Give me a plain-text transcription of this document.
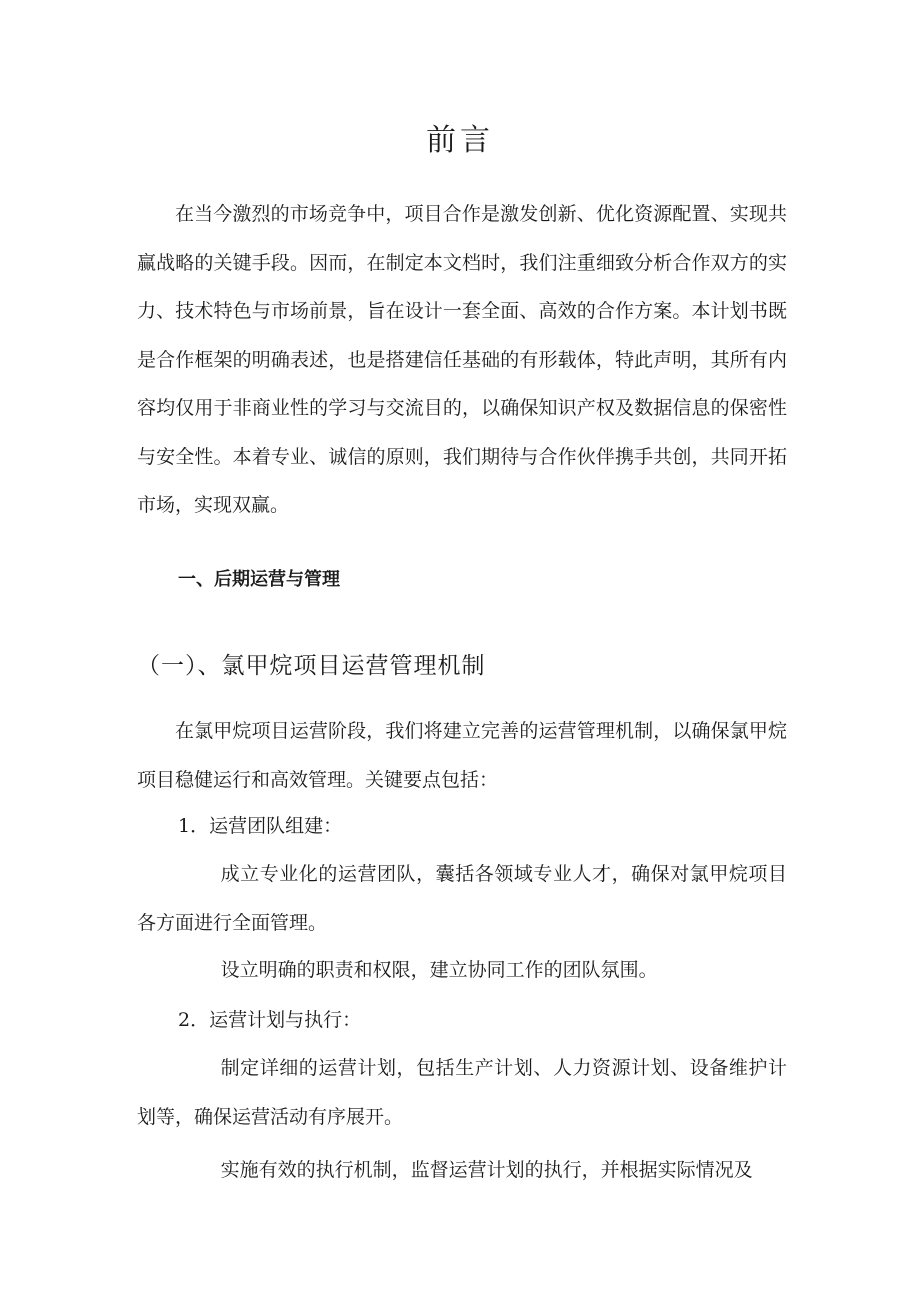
前言

在当今激烈的市场竞争中，项目合作是激发创新、优化资源配置、实现共赢战略的关键手段。因而，在制定本文档时，我们注重细致分析合作双方的实力、技术特色与市场前景，旨在设计一套全面、高效的合作方案。本计划书既是合作框架的明确表述，也是搭建信任基础的有形载体，特此声明，其所有内容均仅用于非商业性的学习与交流目的，以确保知识产权及数据信息的保密性与安全性。本着专业、诚信的原则，我们期待与合作伙伴携手共创，共同开拓市场，实现双赢。

一、后期运营与管理
（一）、氯甲烷项目运营管理机制

在氯甲烷项目运营阶段，我们将建立完善的运营管理机制，以确保氯甲烷项目稳健运行和高效管理。关键要点包括：

1．运营团队组建：

成立专业化的运营团队，囊括各领域专业人才，确保对氯甲烷项目各方面进行全面管理。

设立明确的职责和权限，建立协同工作的团队氛围。

2．运营计划与执行：

制定详细的运营计划，包括生产计划、人力资源计划、设备维护计划等，确保运营活动有序展开。

实施有效的执行机制，监督运营计划的执行，并根据实际情况及
